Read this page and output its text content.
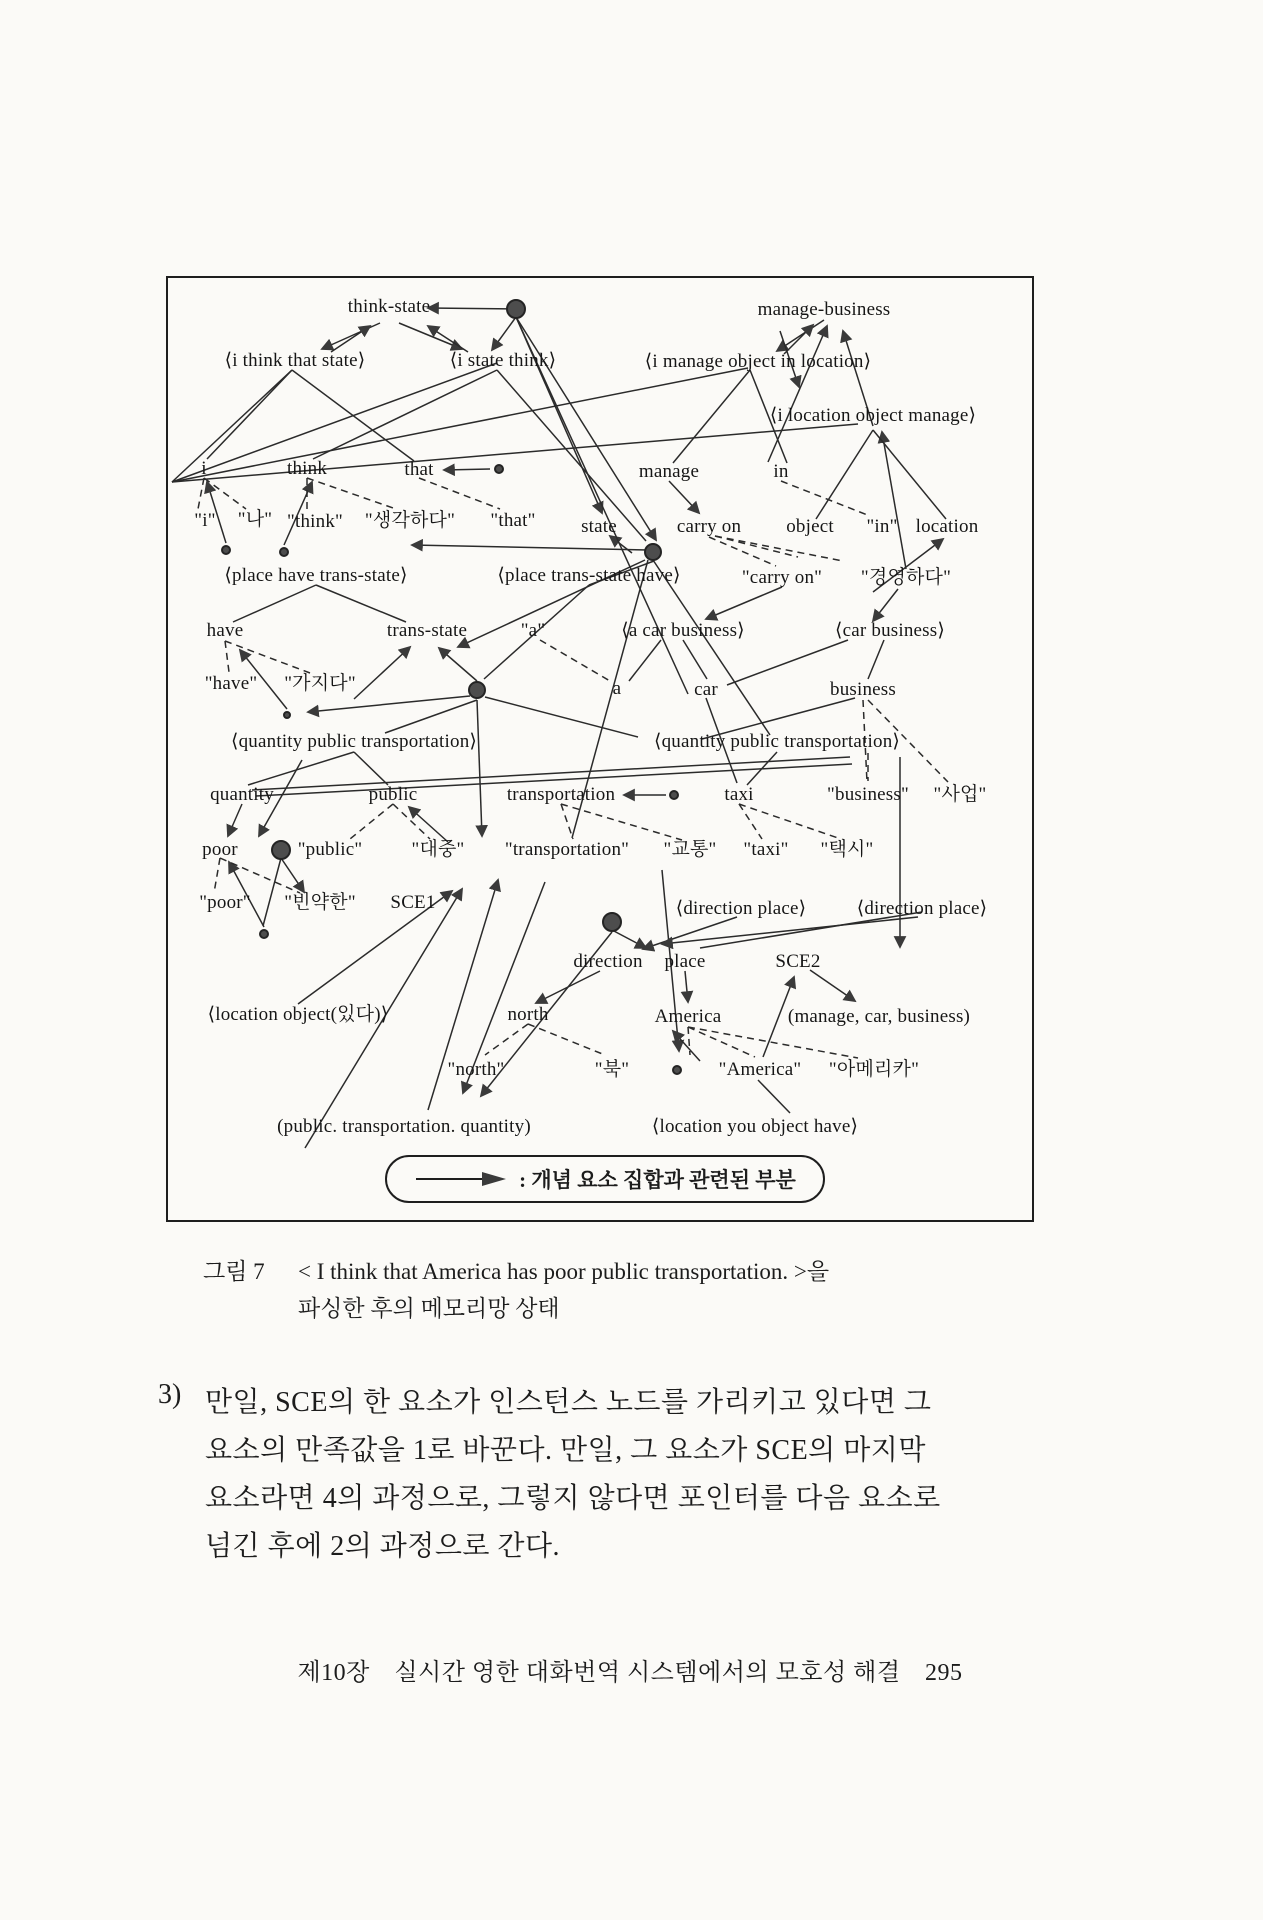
think-state	manage-business
⟨i think that state⟩	⟨i state think⟩	⟨i manage object in location⟩
⟨i location object manage⟩
i	think	that	manage	in
"i" "나" "think" "생각하다" "that" state	carry on object "in" location
⟨place have trans-state⟩	⟨place trans-state have⟩	"carry on" "경영하다"
have	trans-state	"a"	⟨a car business⟩	⟨car business⟩
"have" "가지다"	a	car	business
⟨quantity public transportation⟩	⟨quantity public transportation⟩
quantity	public	transportation	taxi	"business" "사업"
poor	"public"	"대중" "transportation" "교통" "taxi" "택시"
"poor" "빈약한" SCE1	⟨direction place⟩	⟨direction place⟩
direction place	SCE2
⟨location object(있다)⟩	north	America	(manage, car, business)
"north"	"북"	"America" "아메리카"
(public. transportation. quantity)	⟨location you object have⟩
: 개념 요소 집합과 관련된 부분
그림 7 < I think that America has poor public transportation. >을
파싱한 후의 메모리망 상태
3) 만일, SCE의 한 요소가 인스턴스 노드를 가리키고 있다면 그
요소의 만족값을 1로 바꾼다. 만일, 그 요소가 SCE의 마지막
요소라면 4의 과정으로, 그렇지 않다면 포인터를 다음 요소로
넘긴 후에 2의 과정으로 간다.
제10장 실시간 영한 대화번역 시스템에서의 모호성 해결 295
